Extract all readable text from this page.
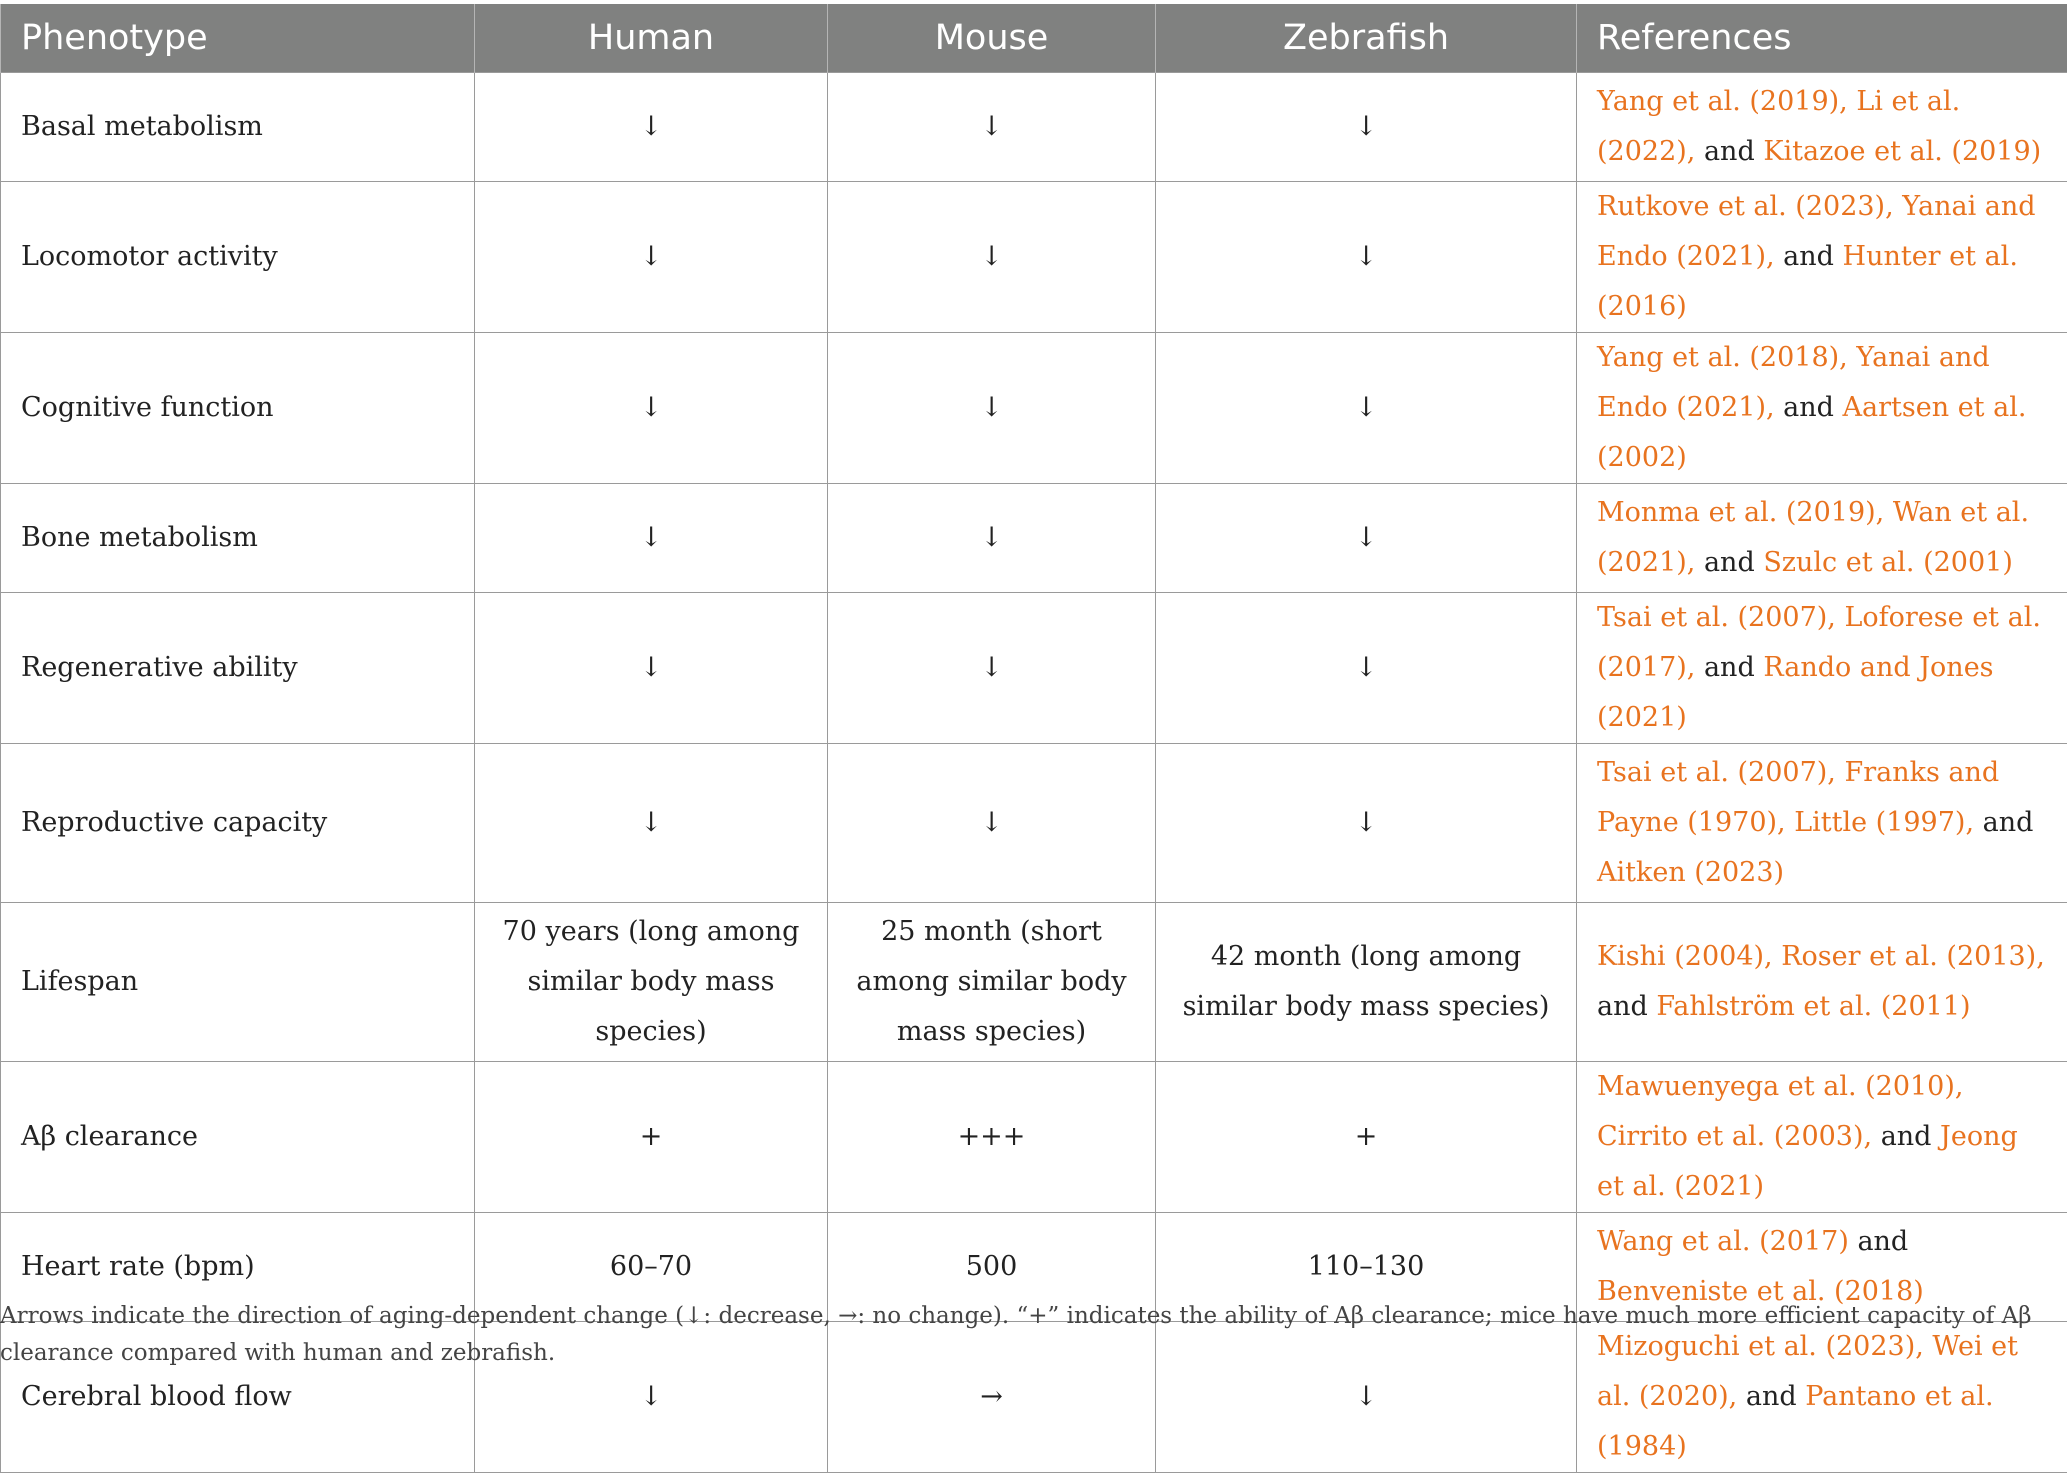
Phenotype	Human	Mouse	Zebrafish	References
Basal metabolism	↓	↓	↓	Yang et al. (2019), Li et al. (2022), and Kitazoe et al. (2019)
Locomotor activity	↓	↓	↓	Rutkove et al. (2023), Yanai and Endo (2021), and Hunter et al. (2016)
Cognitive function	↓	↓	↓	Yang et al. (2018), Yanai and Endo (2021), and Aartsen et al. (2002)
Bone metabolism	↓	↓	↓	Monma et al. (2019), Wan et al. (2021), and Szulc et al. (2001)
Regenerative ability	↓	↓	↓	Tsai et al. (2007), Loforese et al. (2017), and Rando and Jones (2021)
Reproductive capacity	↓	↓	↓	Tsai et al. (2007), Franks and Payne (1970), Little (1997), and Aitken (2023)
Lifespan	70 years (long among similar body mass species)	25 month (short among similar body mass species)	42 month (long among similar body mass species)	Kishi (2004), Roser et al. (2013), and Fahlström et al. (2011)
Aβ clearance	+	+++	+	Mawuenyega et al. (2010), Cirrito et al. (2003), and Jeong et al. (2021)
Heart rate (bpm)	60–70	500	110–130	Wang et al. (2017) and Benveniste et al. (2018)
Cerebral blood flow	↓	→	↓	Mizoguchi et al. (2023), Wei et al. (2020), and Pantano et al. (1984)
Arrows indicate the direction of aging-dependent change (↓: decrease, →: no change). “+” indicates the ability of Aβ clearance; mice have much more efficient capacity of Aβ clearance compared with human and zebrafish.
